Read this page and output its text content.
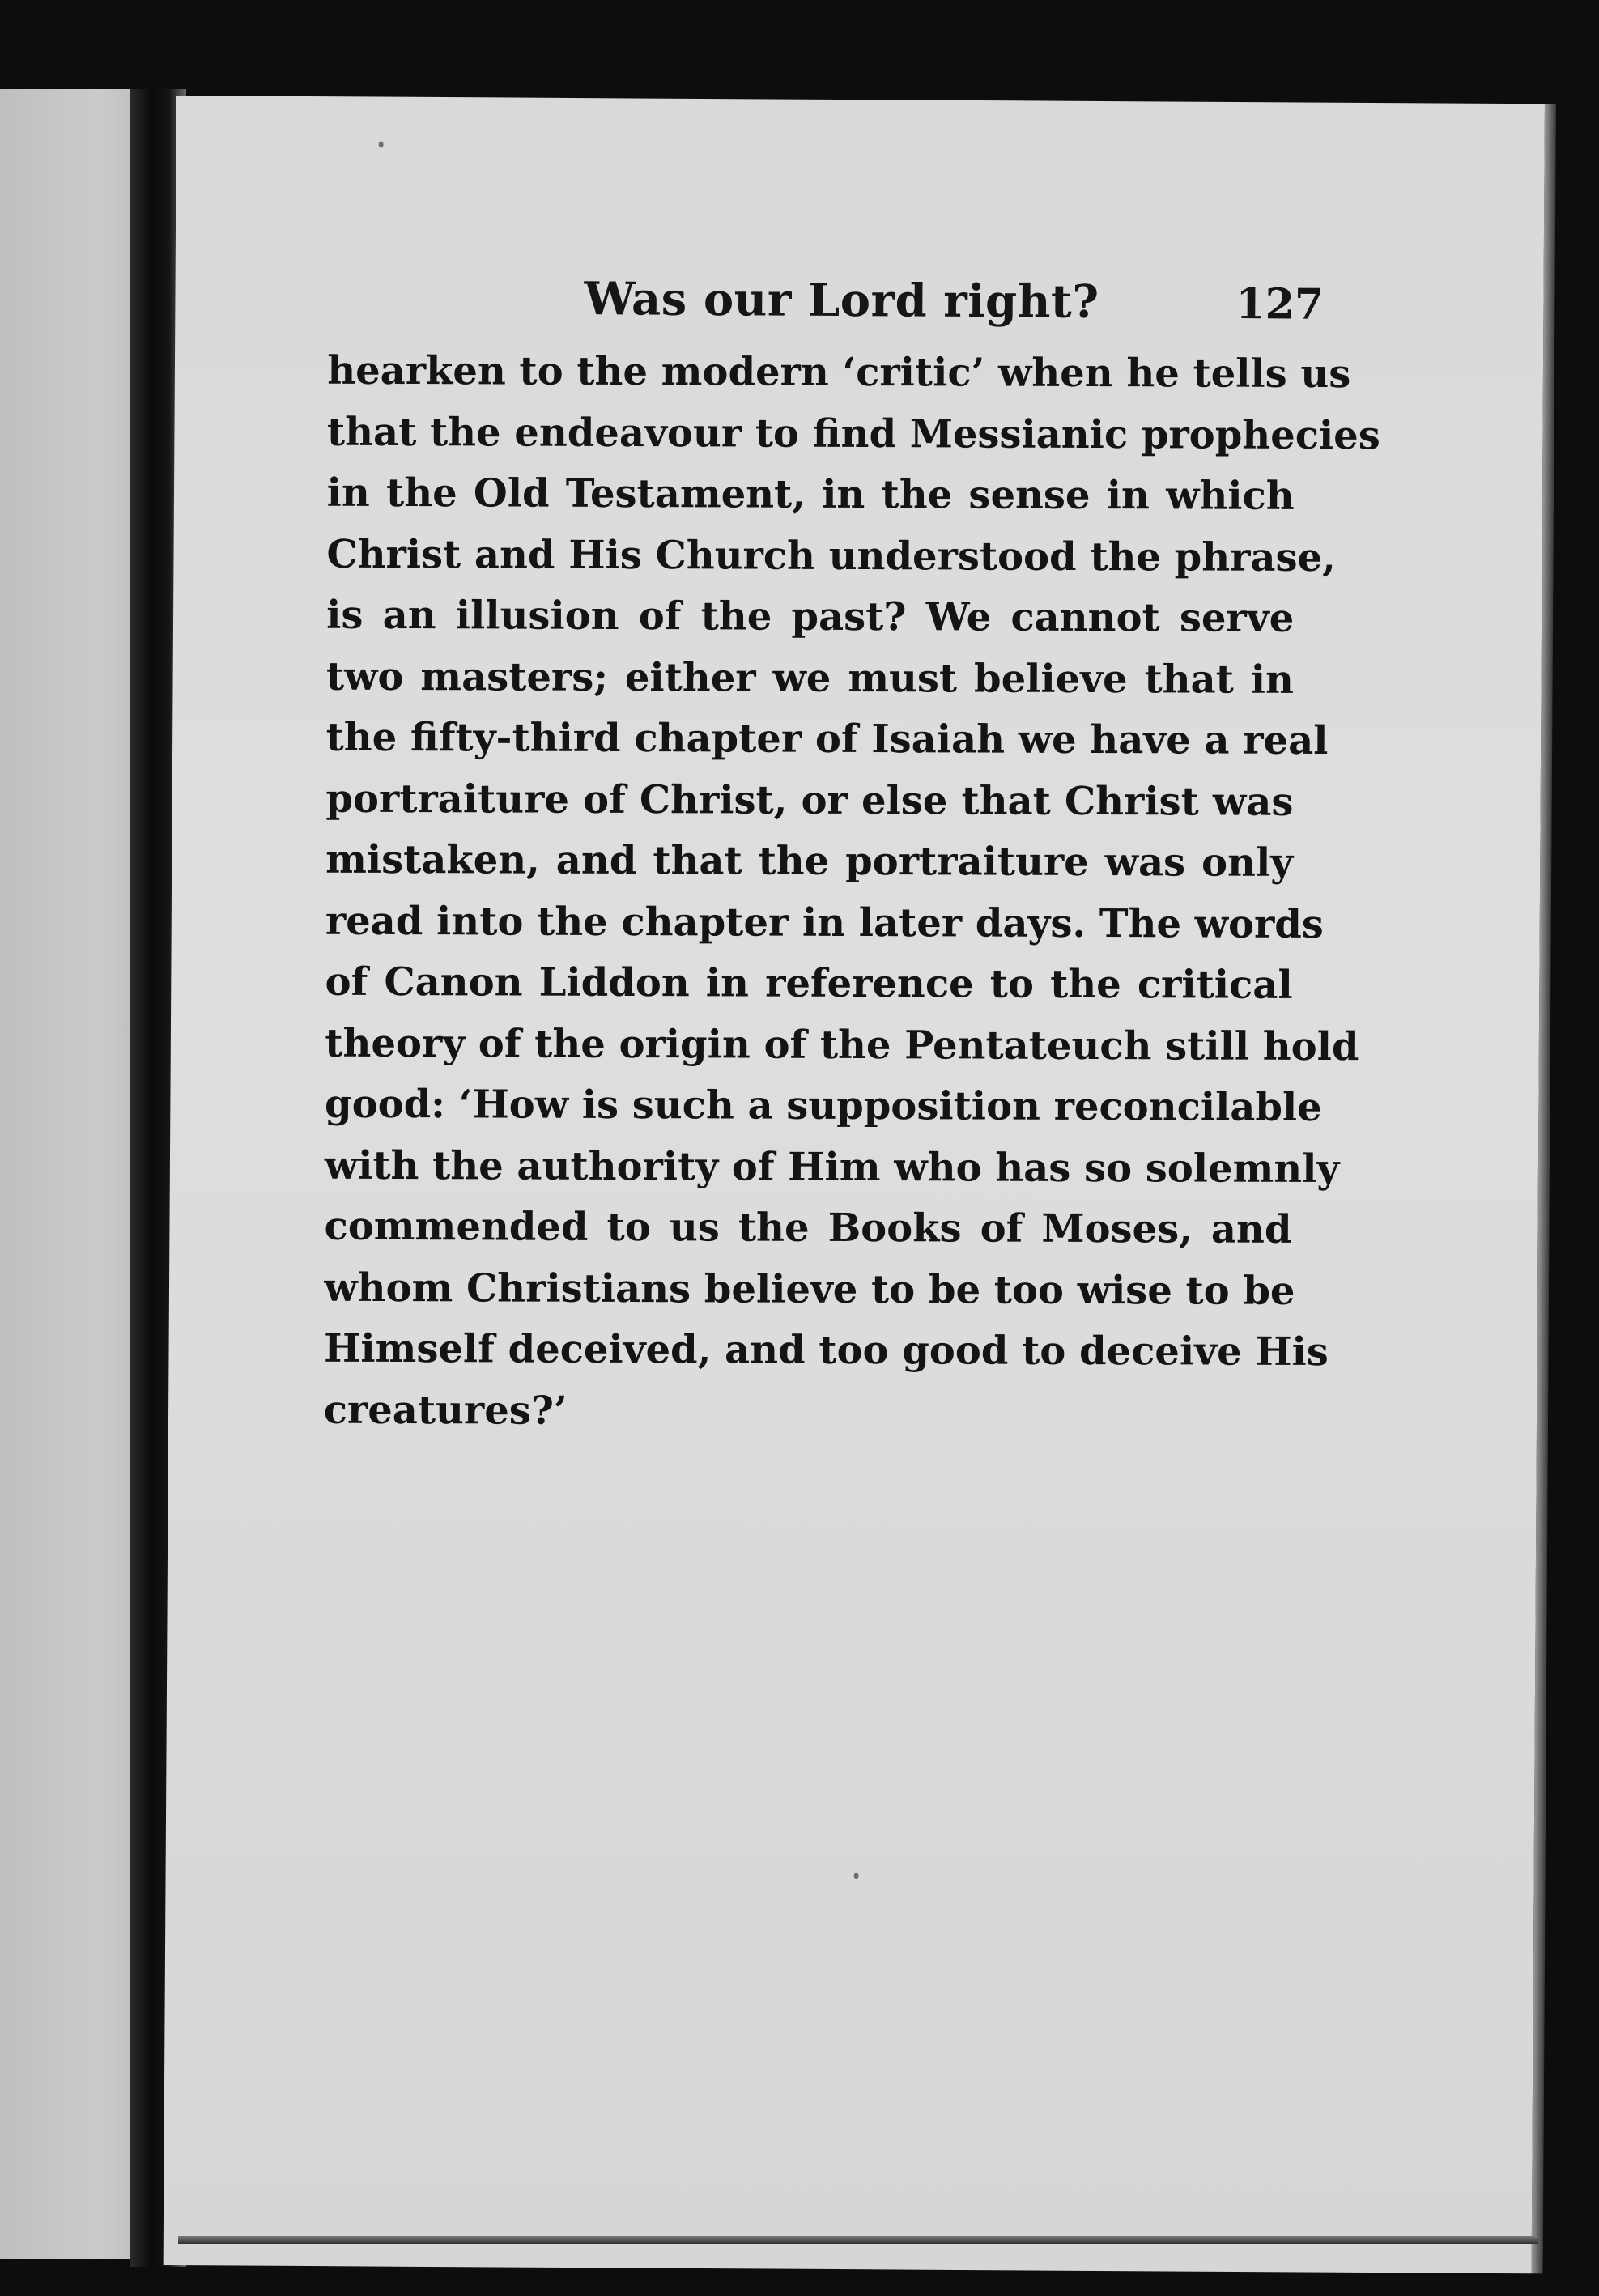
Was our Lord right?	127

hearken to the modern ‘critic’ when he tells us
that the endeavour to find Messianic prophecies
in the Old Testament, in the sense in which
Christ and His Church understood the phrase,
is an illusion of the past? We cannot serve
two masters; either we must believe that in
the fifty-third chapter of Isaiah we have a real
portraiture of Christ, or else that Christ was
mistaken, and that the portraiture was only
read into the chapter in later days. The words
of Canon Liddon in reference to the critical
theory of the origin of the Pentateuch still hold
good: ‘How is such a supposition reconcilable
with the authority of Him who has so solemnly
commended to us the Books of Moses, and
whom Christians believe to be too wise to be
Himself deceived, and too good to deceive His
creatures?’
